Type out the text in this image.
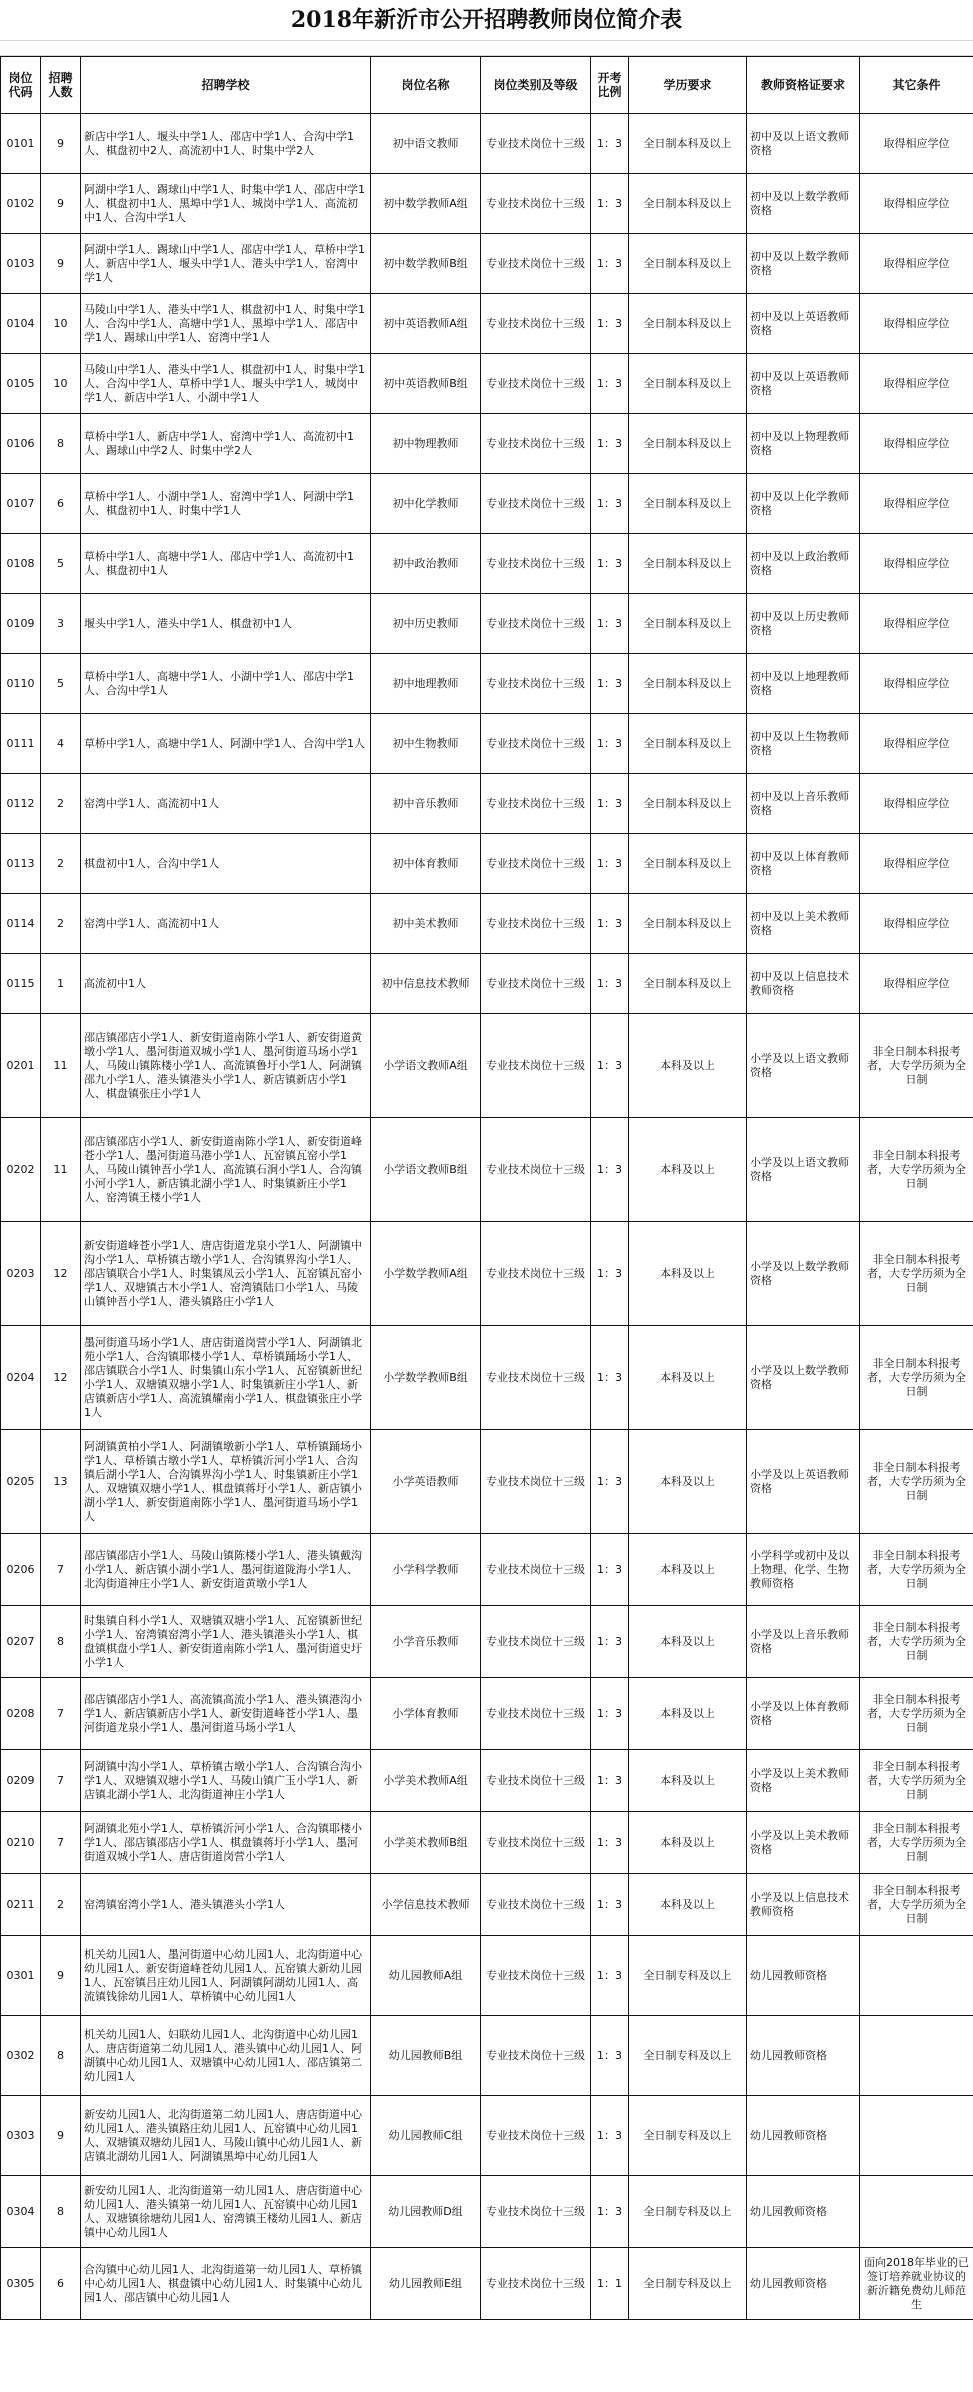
2018年新沂市公开招聘教师岗位简介表
岗位代码	招聘人数	招聘学校	岗位名称	岗位类别及等级	开考比例	学历要求	教师资格证要求	其它条件
0101	9	新店中学1人、堰头中学1人、邵店中学1人、合沟中学1人、棋盘初中2人、高流初中1人、时集中学2人	初中语文教师	专业技术岗位十三级	1：3	全日制本科及以上	初中及以上语文教师资格	取得相应学位
0102	9	阿湖中学1人、踢球山中学1人、时集中学1人、邵店中学1人、棋盘初中1人、黑埠中学1人、城岗中学1人、高流初中1人、合沟中学1人	初中数学教师A组	专业技术岗位十三级	1：3	全日制本科及以上	初中及以上数学教师资格	取得相应学位
0103	9	阿湖中学1人、踢球山中学1人、邵店中学1人、草桥中学1人、新店中学1人、堰头中学1人、港头中学1人、窑湾中学1人	初中数学教师B组	专业技术岗位十三级	1：3	全日制本科及以上	初中及以上数学教师资格	取得相应学位
0104	10	马陵山中学1人、港头中学1人、棋盘初中1人、时集中学1人、合沟中学1人、高塘中学1人、黑埠中学1人、邵店中学1人、踢球山中学1人、窑湾中学1人	初中英语教师A组	专业技术岗位十三级	1：3	全日制本科及以上	初中及以上英语教师资格	取得相应学位
0105	10	马陵山中学1人、港头中学1人、棋盘初中1人、时集中学1人、合沟中学1人、草桥中学1人、堰头中学1人、城岗中学1人、新店中学1人、小湖中学1人	初中英语教师B组	专业技术岗位十三级	1：3	全日制本科及以上	初中及以上英语教师资格	取得相应学位
0106	8	草桥中学1人、新店中学1人、窑湾中学1人、高流初中1人、踢球山中学2人、时集中学2人	初中物理教师	专业技术岗位十三级	1：3	全日制本科及以上	初中及以上物理教师资格	取得相应学位
0107	6	草桥中学1人、小湖中学1人、窑湾中学1人、阿湖中学1人、棋盘初中1人、时集中学1人	初中化学教师	专业技术岗位十三级	1：3	全日制本科及以上	初中及以上化学教师资格	取得相应学位
0108	5	草桥中学1人、高塘中学1人、邵店中学1人、高流初中1人、棋盘初中1人	初中政治教师	专业技术岗位十三级	1：3	全日制本科及以上	初中及以上政治教师资格	取得相应学位
0109	3	堰头中学1人、港头中学1人、棋盘初中1人	初中历史教师	专业技术岗位十三级	1：3	全日制本科及以上	初中及以上历史教师资格	取得相应学位
0110	5	草桥中学1人、高塘中学1人、小湖中学1人、邵店中学1人、合沟中学1人	初中地理教师	专业技术岗位十三级	1：3	全日制本科及以上	初中及以上地理教师资格	取得相应学位
0111	4	草桥中学1人、高塘中学1人、阿湖中学1人、合沟中学1人	初中生物教师	专业技术岗位十三级	1：3	全日制本科及以上	初中及以上生物教师资格	取得相应学位
0112	2	窑湾中学1人、高流初中1人	初中音乐教师	专业技术岗位十三级	1：3	全日制本科及以上	初中及以上音乐教师资格	取得相应学位
0113	2	棋盘初中1人、合沟中学1人	初中体育教师	专业技术岗位十三级	1：3	全日制本科及以上	初中及以上体育教师资格	取得相应学位
0114	2	窑湾中学1人、高流初中1人	初中美术教师	专业技术岗位十三级	1：3	全日制本科及以上	初中及以上美术教师资格	取得相应学位
0115	1	高流初中1人	初中信息技术教师	专业技术岗位十三级	1：3	全日制本科及以上	初中及以上信息技术教师资格	取得相应学位
0201	11	邵店镇邵店小学1人、新安街道南陈小学1人、新安街道黄墩小学1人、墨河街道双城小学1人、墨河街道马场小学1人、马陵山镇陈楼小学1人、高流镇鲁圩小学1人、阿湖镇邵九小学1人、港头镇港头小学1人、新店镇新店小学1人、棋盘镇张庄小学1人	小学语文教师A组	专业技术岗位十三级	1：3	本科及以上	小学及以上语文教师资格	非全日制本科报考者，大专学历须为全日制
0202	11	邵店镇邵店小学1人、新安街道南陈小学1人、新安街道峰苍小学1人、墨河街道马港小学1人、瓦窑镇瓦窑小学1人、马陵山镇钟吾小学1人、高流镇石涧小学1人、合沟镇小河小学1人、新店镇北湖小学1人、时集镇新庄小学1人、窑湾镇王楼小学1人	小学语文教师B组	专业技术岗位十三级	1：3	本科及以上	小学及以上语文教师资格	非全日制本科报考者，大专学历须为全日制
0203	12	新安街道峰苍小学1人、唐店街道龙泉小学1人、阿湖镇中沟小学1人、草桥镇古墩小学1人、合沟镇界沟小学1人、邵店镇联合小学1人、时集镇凤云小学1人、瓦窑镇瓦窑小学1人、双塘镇古木小学1人、窑湾镇陆口小学1人、马陵山镇钟吾小学1人、港头镇路庄小学1人	小学数学教师A组	专业技术岗位十三级	1：3	本科及以上	小学及以上数学教师资格	非全日制本科报考者，大专学历须为全日制
0204	12	墨河街道马场小学1人、唐店街道岗营小学1人、阿湖镇北苑小学1人、合沟镇耶楼小学1人、草桥镇踊场小学1人、邵店镇联合小学1人、时集镇山东小学1人、瓦窑镇新世纪小学1人、双塘镇双塘小学1人、时集镇新庄小学1人、新店镇新店小学1人、高流镇耀南小学1人、棋盘镇张庄小学1人	小学数学教师B组	专业技术岗位十三级	1：3	本科及以上	小学及以上数学教师资格	非全日制本科报考者，大专学历须为全日制
0205	13	阿湖镇黄柏小学1人、阿湖镇墩新小学1人、草桥镇踊场小学1人、草桥镇古墩小学1人、草桥镇沂河小学1人、合沟镇后湖小学1人、合沟镇界沟小学1人、时集镇新庄小学1人、双塘镇双塘小学1人、棋盘镇蒋圩小学1人、新店镇小湖小学1人、新安街道南陈小学1人、墨河街道马场小学1人	小学英语教师	专业技术岗位十三级	1：3	本科及以上	小学及以上英语教师资格	非全日制本科报考者，大专学历须为全日制
0206	7	邵店镇邵店小学1人、马陵山镇陈楼小学1人、港头镇戴沟小学1人、新店镇小湖小学1人、墨河街道陇海小学1人、北沟街道神庄小学1人、新安街道黄墩小学1人	小学科学教师	专业技术岗位十三级	1：3	本科及以上	小学科学或初中及以上物理、化学、生物教师资格	非全日制本科报考者，大专学历须为全日制
0207	8	时集镇自科小学1人、双塘镇双塘小学1人、瓦窑镇新世纪小学1人、窑湾镇窑湾小学1人、港头镇港头小学1人、棋盘镇棋盘小学1人、新安街道南陈小学1人、墨河街道史圩小学1人	小学音乐教师	专业技术岗位十三级	1：3	本科及以上	小学及以上音乐教师资格	非全日制本科报考者，大专学历须为全日制
0208	7	邵店镇邵店小学1人、高流镇高流小学1人、港头镇港沟小学1人、新店镇新店小学1人、新安街道峰苍小学1人、墨河街道龙泉小学1人、墨河街道马场小学1人	小学体育教师	专业技术岗位十三级	1：3	本科及以上	小学及以上体育教师资格	非全日制本科报考者，大专学历须为全日制
0209	7	阿湖镇中沟小学1人、草桥镇古墩小学1人、合沟镇合沟小学1人、双塘镇双塘小学1人、马陵山镇广玉小学1人、新店镇北湖小学1人、北沟街道神庄小学1人	小学美术教师A组	专业技术岗位十三级	1：3	本科及以上	小学及以上美术教师资格	非全日制本科报考者，大专学历须为全日制
0210	7	阿湖镇北苑小学1人、草桥镇沂河小学1人、合沟镇耶楼小学1人、邵店镇邵店小学1人、棋盘镇蒋圩小学1人、墨河街道双城小学1人、唐店街道岗营小学1人	小学美术教师B组	专业技术岗位十三级	1：3	本科及以上	小学及以上美术教师资格	非全日制本科报考者，大专学历须为全日制
0211	2	窑湾镇窑湾小学1人、港头镇港头小学1人	小学信息技术教师	专业技术岗位十三级	1：3	本科及以上	小学及以上信息技术教师资格	非全日制本科报考者，大专学历须为全日制
0301	9	机关幼儿园1人、墨河街道中心幼儿园1人、北沟街道中心幼儿园1人、新安街道峰苍幼儿园1人、瓦窑镇大新幼儿园1人、瓦窑镇吕庄幼儿园1人、阿湖镇阿湖幼儿园1人、高流镇钱徐幼儿园1人、草桥镇中心幼儿园1人	幼儿园教师A组	专业技术岗位十三级	1：3	全日制专科及以上	幼儿园教师资格	
0302	8	机关幼儿园1人、妇联幼儿园1人、北沟街道中心幼儿园1人、唐店街道第二幼儿园1人、港头镇中心幼儿园1人、阿湖镇中心幼儿园1人、双塘镇中心幼儿园1人、邵店镇第二幼儿园1人	幼儿园教师B组	专业技术岗位十三级	1：3	全日制专科及以上	幼儿园教师资格	
0303	9	新安幼儿园1人、北沟街道第二幼儿园1人、唐店街道中心幼儿园1人、港头镇路庄幼儿园1人、瓦窑镇中心幼儿园1人、双塘镇双塘幼儿园1人、马陵山镇中心幼儿园1人、新店镇北湖幼儿园1人、阿湖镇黑埠中心幼儿园1人	幼儿园教师C组	专业技术岗位十三级	1：3	全日制专科及以上	幼儿园教师资格	
0304	8	新安幼儿园1人、北沟街道第一幼儿园1人、唐店街道中心幼儿园1人、港头镇第一幼儿园1人、瓦窑镇中心幼儿园1人、双塘镇徐塘幼儿园1人、窑湾镇王楼幼儿园1人、新店镇中心幼儿园1人	幼儿园教师D组	专业技术岗位十三级	1：3	全日制专科及以上	幼儿园教师资格	
0305	6	合沟镇中心幼儿园1人、北沟街道第一幼儿园1人、草桥镇中心幼儿园1人、棋盘镇中心幼儿园1人、时集镇中心幼儿园1人、邵店镇中心幼儿园1人	幼儿园教师E组	专业技术岗位十三级	1：1	全日制专科及以上	幼儿园教师资格	面向2018年毕业的已签订培养就业协议的新沂籍免费幼儿师范生
